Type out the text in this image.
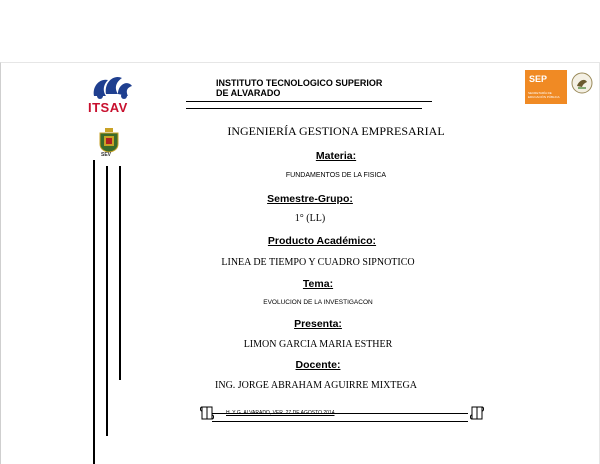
ITSAV
INSTITUTO TECNOLOGICO SUPERIOR
DE ALVARADO
SEP
SECRETARÍA DE EDUCACIÓN PÚBLICA
SEV
INGENIERÍA GESTIONA EMPRESARIAL
Materia:
FUNDAMENTOS DE LA FISICA
Semestre-Grupo:
1° (LL)
Producto Académico:
LINEA DE TIEMPO Y CUADRO SIPNOTICO
Tema:
EVOLUCION DE LA INVESTIGACON
Presenta:
LIMON GARCIA MARIA ESTHER
Docente:
ING. JORGE ABRAHAM AGUIRRE MIXTEGA
H. Y G. ALVARADO, VER. 27 DE AGOSTO 2014
